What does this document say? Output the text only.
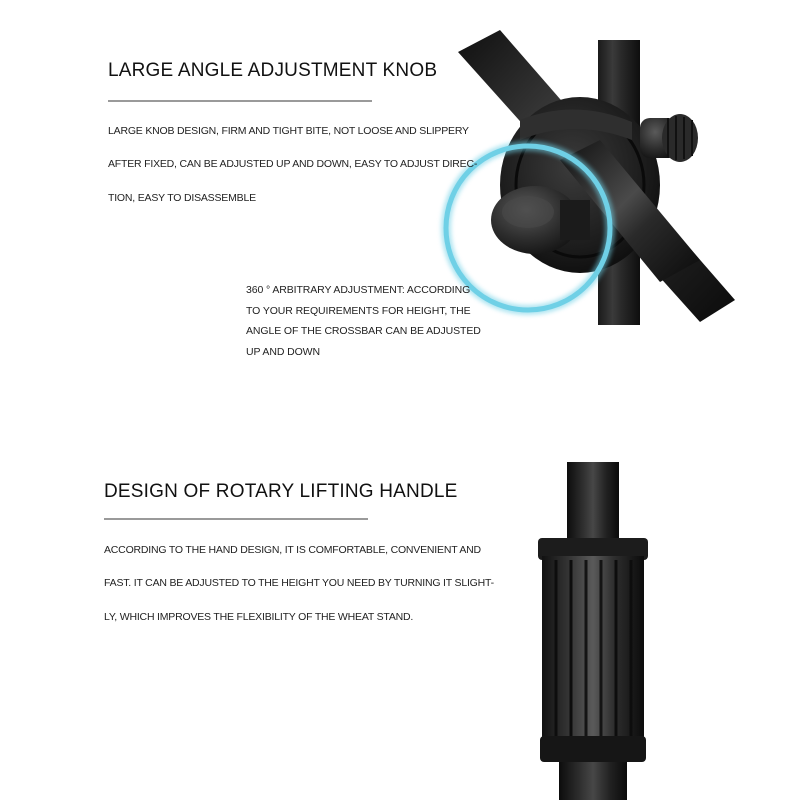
LARGE ANGLE ADJUSTMENT KNOB
LARGE KNOB DESIGN, FIRM AND TIGHT BITE, NOT LOOSE AND SLIPPERY
AFTER FIXED, CAN BE ADJUSTED UP AND DOWN, EASY TO ADJUST DIREC-
TION, EASY TO DISASSEMBLE
360 ° ARBITRARY ADJUSTMENT: ACCORDING
TO YOUR REQUIREMENTS FOR HEIGHT, THE
ANGLE OF THE CROSSBAR CAN BE ADJUSTED
UP AND DOWN
DESIGN OF ROTARY LIFTING HANDLE
ACCORDING TO THE HAND DESIGN, IT IS COMFORTABLE, CONVENIENT AND
FAST. IT CAN BE ADJUSTED TO THE HEIGHT YOU NEED BY TURNING IT SLIGHT-
LY, WHICH IMPROVES THE FLEXIBILITY OF THE WHEAT STAND.
